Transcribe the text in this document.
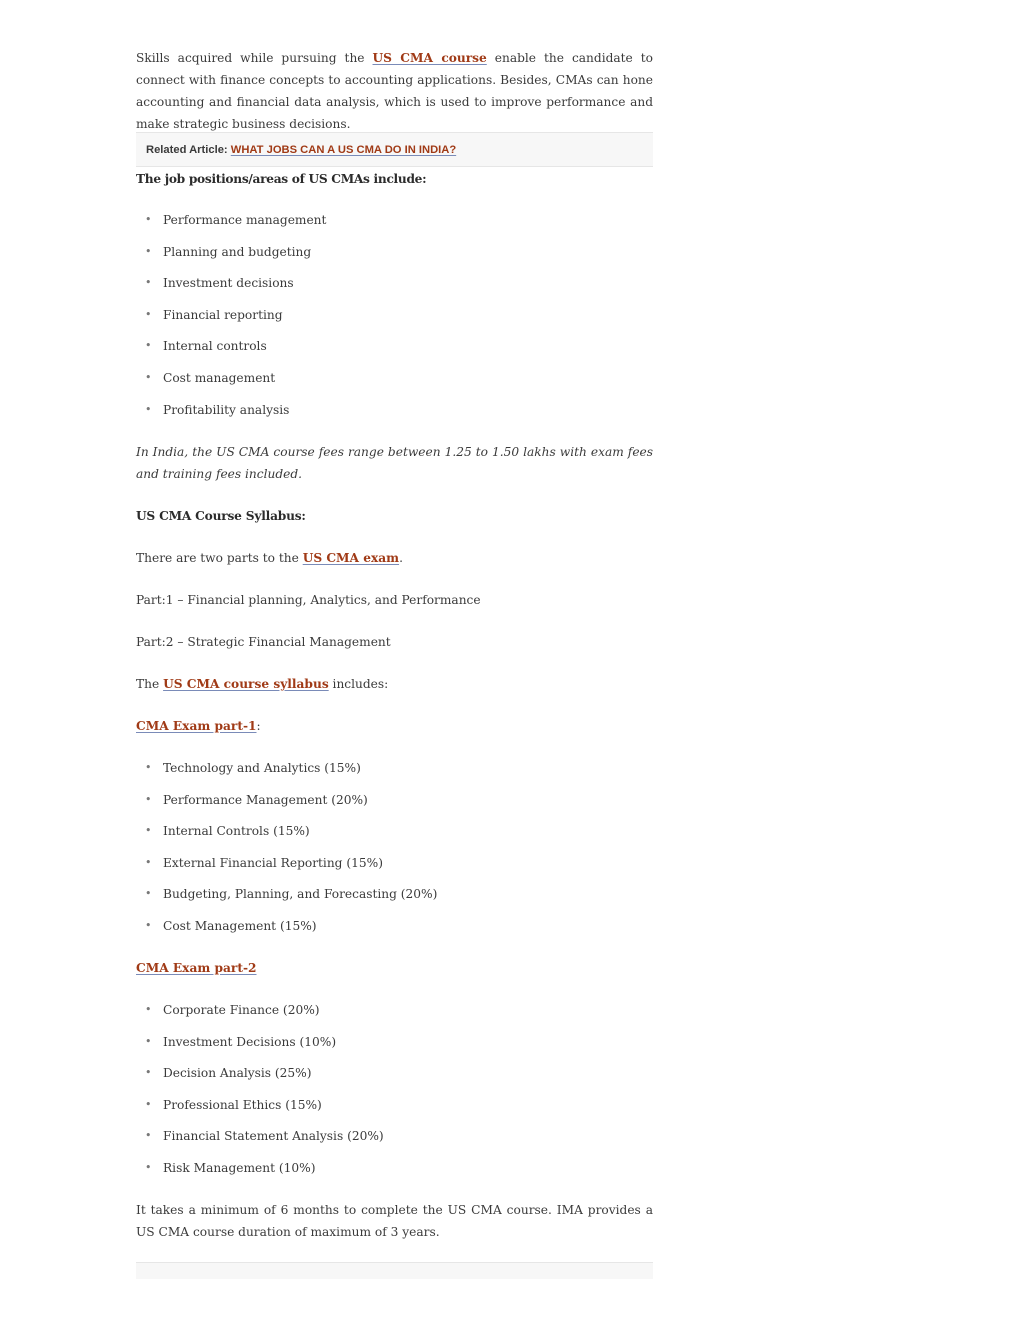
Skills acquired while pursuing the US CMA course enable the candidate to connect with finance concepts to accounting applications. Besides, CMAs can hone accounting and financial data analysis, which is used to improve performance and make strategic business decisions.

Related Article: WHAT JOBS CAN A US CMA DO IN INDIA?

The job positions/areas of US CMAs include:

• Performance management
• Planning and budgeting
• Investment decisions
• Financial reporting
• Internal controls
• Cost management
• Profitability analysis

In India, the US CMA course fees range between 1.25 to 1.50 lakhs with exam fees and training fees included.

US CMA Course Syllabus:

There are two parts to the US CMA exam.

Part:1 – Financial planning, Analytics, and Performance

Part:2 – Strategic Financial Management

The US CMA course syllabus includes:

CMA Exam part-1:

• Technology and Analytics (15%)
• Performance Management (20%)
• Internal Controls (15%)
• External Financial Reporting (15%)
• Budgeting, Planning, and Forecasting (20%)
• Cost Management (15%)

CMA Exam part-2

• Corporate Finance (20%)
• Investment Decisions (10%)
• Decision Analysis (25%)
• Professional Ethics (15%)
• Financial Statement Analysis (20%)
• Risk Management (10%)

It takes a minimum of 6 months to complete the US CMA course. IMA provides a US CMA course duration of maximum of 3 years.
